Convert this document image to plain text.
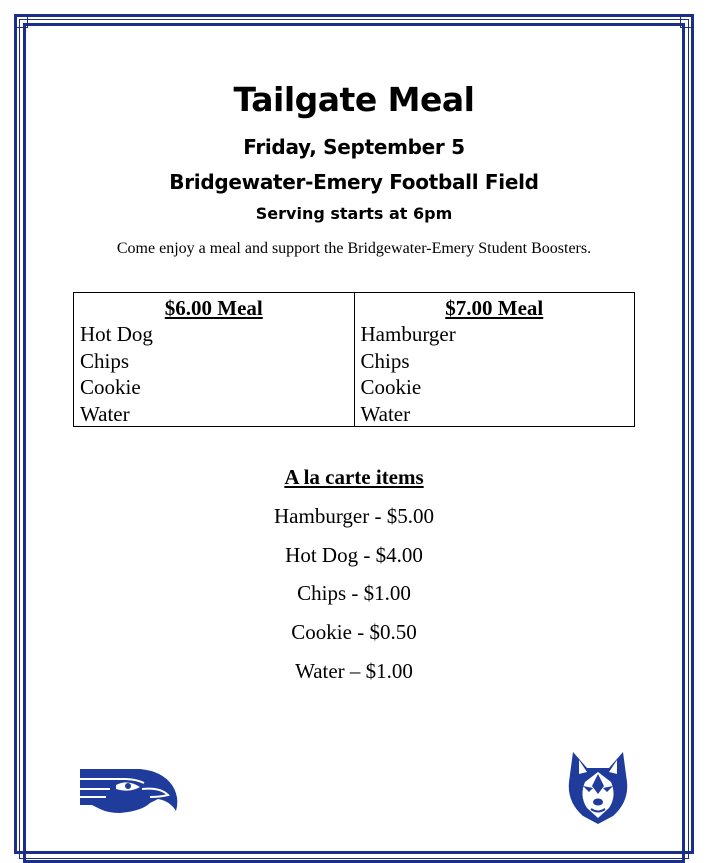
Tailgate Meal
Friday, September 5
Bridgewater-Emery Football Field
Serving starts at 6pm
Come enjoy a meal and support the Bridgewater-Emery Student Boosters.
$6.00 Meal
Hot Dog
Chips
Cookie
Water
$7.00 Meal
Hamburger
Chips
Cookie
Water
A la carte items
Hamburger - $5.00
Hot Dog - $4.00
Chips - $1.00
Cookie - $0.50
Water – $1.00
